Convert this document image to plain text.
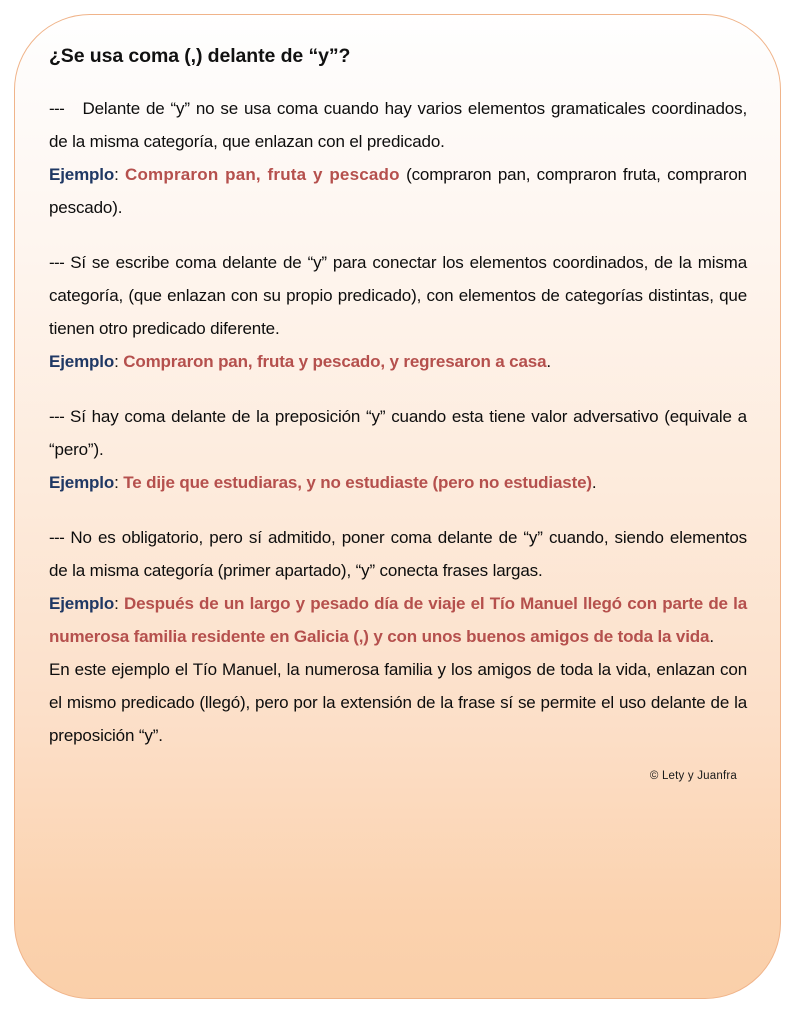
¿Se usa coma (,) delante de “y”?

--- Delante de “y” no se usa coma cuando hay varios elementos gramaticales coordinados, de la misma categoría, que enlazan con el predicado.

Ejemplo: Compraron pan, fruta y pescado (compraron pan, compraron fruta, compraron pescado).

--- Sí se escribe coma delante de “y” para conectar los elementos coordinados, de la misma categoría, (que enlazan con su propio predicado), con elementos de categorías distintas, que tienen otro predicado diferente.

Ejemplo: Compraron pan, fruta y pescado, y regresaron a casa.

--- Sí hay coma delante de la preposición “y” cuando esta tiene valor adversativo (equivale a “pero”).

Ejemplo: Te dije que estudiaras, y no estudiaste (pero no estudiaste).

--- No es obligatorio, pero sí admitido, poner coma delante de “y” cuando, siendo elementos de la misma categoría (primer apartado), “y” conecta frases largas.

Ejemplo: Después de un largo y pesado día de viaje el Tío Manuel llegó con parte de la numerosa familia residente en Galicia (,) y con unos buenos amigos de toda la vida.

En este ejemplo el Tío Manuel, la numerosa familia y los amigos de toda la vida, enlazan con el mismo predicado (llegó), pero por la extensión de la frase sí se permite el uso delante de la preposición “y”.

© Lety y Juanfra
